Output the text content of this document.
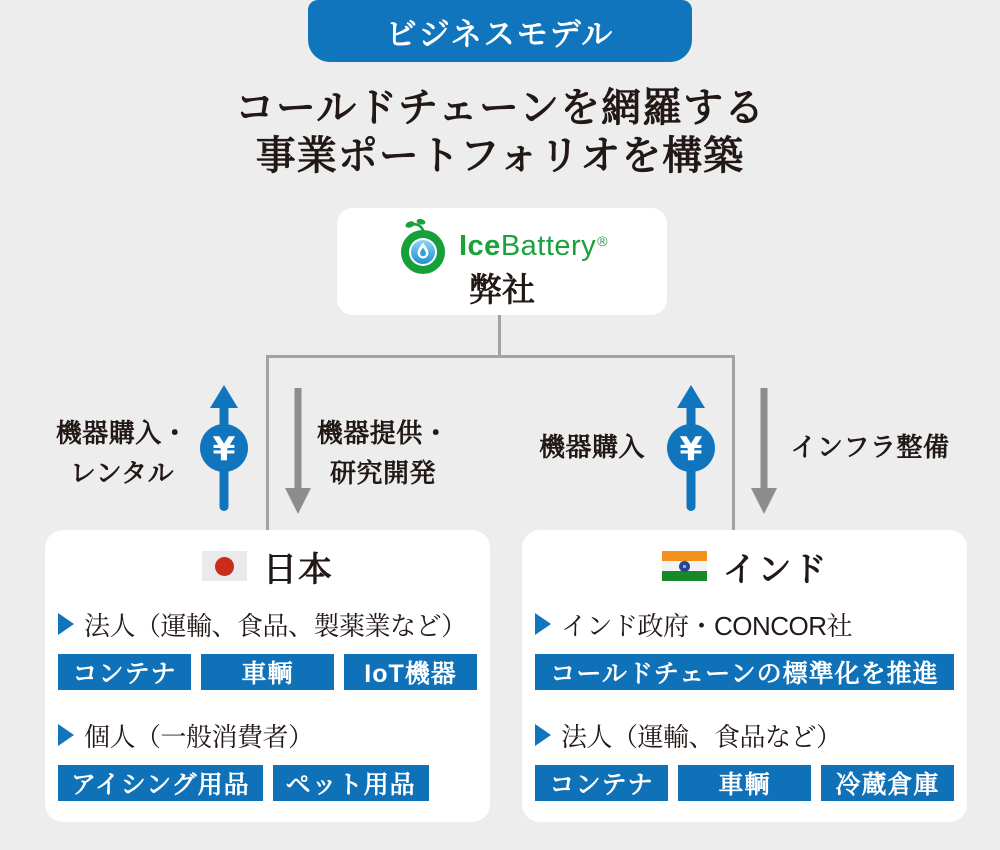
ビジネスモデル
コールドチェーンを網羅する
事業ポートフォリオを構築
IceBattery®
弊社
¥	¥
機器購入・
レンタル
機器提供・
研究開発
機器購入	インフラ整備
日本
法人（運輸、食品、製薬業など）
コンテナ	車輌	IoT機器
個人（一般消費者）
アイシング用品	ペット用品
インド
インド政府・CONCOR社
コールドチェーンの標準化を推進
法人（運輸、食品など）
コンテナ	車輌	冷蔵倉庫
